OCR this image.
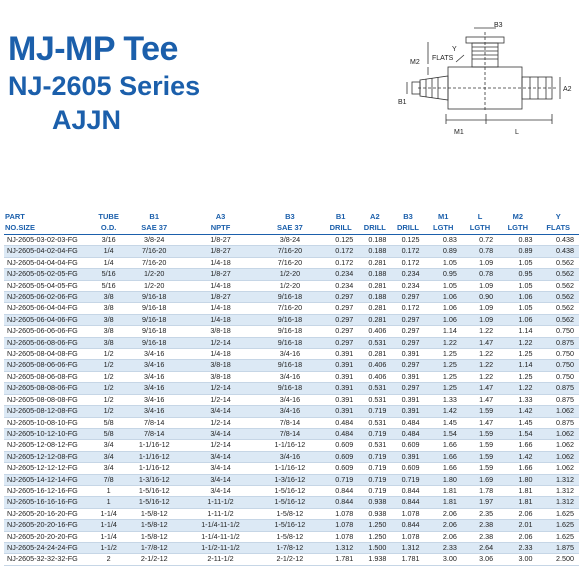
MJ-MP Tee
NJ-2605 Series
AJJN
B3
Y
FLATS
M2
B1
A2
M1	L
PART	TUBE	B1	A3	B3	B1	A2	B3	M1	L	M2	Y
NO.SIZE	O.D.	SAE 37	NPTF	SAE 37	DRILL	DRILL	DRILL	LGTH	LGTH	LGTH	FLATS
NJ-2605-03-02-03-FG	3/16	3/8-24	1/8-27	3/8-24	0.125	0.188	0.125	0.83	0.72	0.83	0.438
NJ-2605-04-02-04-FG	1/4	7/16-20	1/8-27	7/16-20	0.172	0.188	0.172	0.89	0.78	0.89	0.438
NJ-2605-04-04-04-FG	1/4	7/16-20	1/4-18	7/16-20	0.172	0.281	0.172	1.05	1.09	1.05	0.562
NJ-2605-05-02-05-FG	5/16	1/2-20	1/8-27	1/2-20	0.234	0.188	0.234	0.95	0.78	0.95	0.562
NJ-2605-05-04-05-FG	5/16	1/2-20	1/4-18	1/2-20	0.234	0.281	0.234	1.05	1.09	1.05	0.562
NJ-2605-06-02-06-FG	3/8	9/16-18	1/8-27	9/16-18	0.297	0.188	0.297	1.06	0.90	1.06	0.562
NJ-2605-06-04-04-FG	3/8	9/16-18	1/4-18	7/16-20	0.297	0.281	0.172	1.06	1.09	1.05	0.562
NJ-2605-06-04-06-FG	3/8	9/16-18	1/4-18	9/16-18	0.297	0.281	0.297	1.06	1.09	1.06	0.562
NJ-2605-06-06-06-FG	3/8	9/16-18	3/8-18	9/16-18	0.297	0.406	0.297	1.14	1.22	1.14	0.750
NJ-2605-06-08-06-FG	3/8	9/16-18	1/2-14	9/16-18	0.297	0.531	0.297	1.22	1.47	1.22	0.875
NJ-2605-08-04-08-FG	1/2	3/4-16	1/4-18	3/4-16	0.391	0.281	0.391	1.25	1.22	1.25	0.750
NJ-2605-08-06-06-FG	1/2	3/4-16	3/8-18	9/16-18	0.391	0.406	0.297	1.25	1.22	1.14	0.750
NJ-2605-08-06-08-FG	1/2	3/4-16	3/8-18	3/4-16	0.391	0.406	0.391	1.25	1.22	1.25	0.750
NJ-2605-08-08-06-FG	1/2	3/4-16	1/2-14	9/16-18	0.391	0.531	0.297	1.25	1.47	1.22	0.875
NJ-2605-08-08-08-FG	1/2	3/4-16	1/2-14	3/4-16	0.391	0.531	0.391	1.33	1.47	1.33	0.875
NJ-2605-08-12-08-FG	1/2	3/4-16	3/4-14	3/4-16	0.391	0.719	0.391	1.42	1.59	1.42	1.062
NJ-2605-10-08-10-FG	5/8	7/8-14	1/2-14	7/8-14	0.484	0.531	0.484	1.45	1.47	1.45	0.875
NJ-2605-10-12-10-FG	5/8	7/8-14	3/4-14	7/8-14	0.484	0.719	0.484	1.54	1.59	1.54	1.062
NJ-2605-12-08-12-FG	3/4	1-1/16-12	1/2-14	1-1/16-12	0.609	0.531	0.609	1.66	1.59	1.66	1.062
NJ-2605-12-12-08-FG	3/4	1-1/16-12	3/4-14	3/4-16	0.609	0.719	0.391	1.66	1.59	1.42	1.062
NJ-2605-12-12-12-FG	3/4	1-1/16-12	3/4-14	1-1/16-12	0.609	0.719	0.609	1.66	1.59	1.66	1.062
NJ-2605-14-12-14-FG	7/8	1-3/16-12	3/4-14	1-3/16-12	0.719	0.719	0.719	1.80	1.69	1.80	1.312
NJ-2605-16-12-16-FG	1	1-5/16-12	3/4-14	1-5/16-12	0.844	0.719	0.844	1.81	1.78	1.81	1.312
NJ-2605-16-16-16-FG	1	1-5/16-12	1-11-1/2	1-5/16-12	0.844	0.938	0.844	1.81	1.97	1.81	1.312
NJ-2605-20-16-20-FG	1-1/4	1-5/8-12	1-11-1/2	1-5/8-12	1.078	0.938	1.078	2.06	2.35	2.06	1.625
NJ-2605-20-20-16-FG	1-1/4	1-5/8-12	1-1/4-11-1/2	1-5/16-12	1.078	1.250	0.844	2.06	2.38	2.01	1.625
NJ-2605-20-20-20-FG	1-1/4	1-5/8-12	1-1/4-11-1/2	1-5/8-12	1.078	1.250	1.078	2.06	2.38	2.06	1.625
NJ-2605-24-24-24-FG	1-1/2	1-7/8-12	1-1/2-11-1/2	1-7/8-12	1.312	1.500	1.312	2.33	2.64	2.33	1.875
NJ-2605-32-32-32-FG	2	2-1/2-12	2-11-1/2	2-1/2-12	1.781	1.938	1.781	3.00	3.06	3.00	2.500
